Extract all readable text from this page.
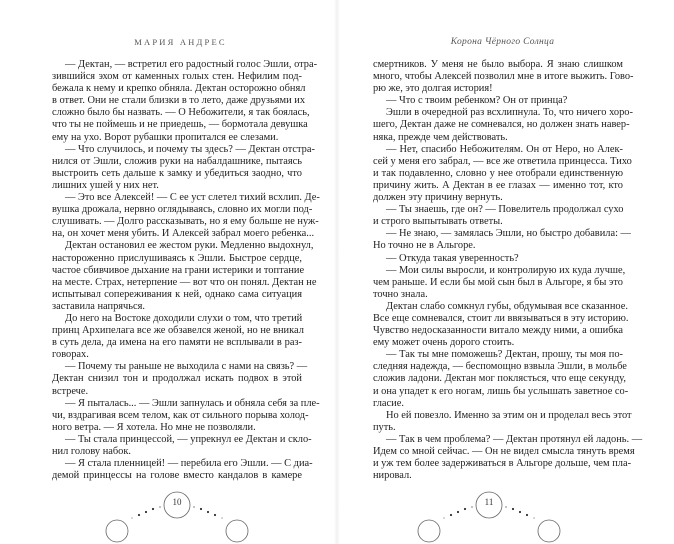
МАРИЯ АНДРЕС
— Дектан, — встретил его радостный голос Эшли, отра-
зившийся эхом от каменных голых стен. Нефилим под-
бежала к нему и крепко обняла. Дектан осторожно обнял
в ответ. Они не стали близки в то лето, даже друзьями их
сложно было бы назвать. — О Небожители, я так боялась,
что ты не поймешь и не приедешь, — бормотала девушка
ему на ухо. Ворот рубашки пропитался ее слезами.
— Что случилось, и почему ты здесь? — Дектан отстра-
нился от Эшли, сложив руки на набалдашнике, пытаясь
выстроить сеть дальше к замку и убедиться заодно, что
лишних ушей у них нет.
— Это все Алексей! — С ее уст слетел тихий всхлип. Де-
вушка дрожала, нервно оглядываясь, словно их могли под-
слушивать. — Долго рассказывать, но я ему больше не нуж-
на, он хочет меня убить. И Алексей забрал моего ребенка...
Дектан остановил ее жестом руки. Медленно выдохнул,
настороженно прислушиваясь к Эшли. Быстрое сердце,
частое сбивчивое дыхание на грани истерики и топтание
на месте. Страх, нетерпение — вот что он понял. Дектан не
испытывал сопереживания к ней, однако сама ситуация
заставила напрячься.
До него на Востоке доходили слухи о том, что третий
принц Архипелага все же обзавелся женой, но не вникал
в суть дела, да имена на его памяти не всплывали в раз-
говорах.
— Почему ты раньше не выходила с нами на связь? —
Дектан снизил тон и продолжал искать подвох в этой
встрече.
— Я пыталась... — Эшли запнулась и обняла себя за пле-
чи, вздрагивая всем телом, как от сильного порыва холод-
ного ветра. — Я хотела. Но мне не позволяли.
— Ты стала принцессой, — упрекнул ее Дектан и скло-
нил голову набок.
— Я стала пленницей! — перебила его Эшли. — С диа-
демой принцессы на голове вместо кандалов в камере
10
Корона Чёрного Солнца
смертников. У меня не было выбора. Я знаю слишком
много, чтобы Алексей позволил мне в итоге выжить. Гово-
рю же, это долгая история!
— Что с твоим ребенком? Он от принца?
Эшли в очередной раз всхлипнула. То, что ничего хоро-
шего, Дектан даже не сомневался, но должен знать навер-
няка, прежде чем действовать.
— Нет, спасибо Небожителям. Он от Неро, но Алек-
сей у меня его забрал, — все же ответила принцесса. Тихо
и так подавленно, словно у нее отобрали единственную
причину жить. А Дектан в ее глазах — именно тот, кто
должен эту причину вернуть.
— Ты знаешь, где он? — Повелитель продолжал сухо
и строго выпытывать ответы.
— Не знаю, — замялась Эшли, но быстро добавила: —
Но точно не в Альгоре.
— Откуда такая уверенность?
— Мои силы выросли, и контролирую их куда лучше,
чем раньше. И если бы мой сын был в Альгоре, я бы это
точно знала.
Дектан слабо сомкнул губы, обдумывая все сказанное.
Все еще сомневался, стоит ли ввязываться в эту историю.
Чувство недосказанности витало между ними, а ошибка
ему может очень дорого стоить.
— Так ты мне поможешь? Дектан, прошу, ты моя по-
следняя надежда, — беспомощно взвыла Эшли, в мольбе
сложив ладони. Дектан мог поклясться, что еще секунду,
и она упадет к его ногам, лишь бы услышать заветное со-
гласие.
Но ей повезло. Именно за этим он и проделал весь этот
путь.
— Так в чем проблема? — Дектан протянул ей ладонь. —
Идем со мной сейчас. — Он не видел смысла тянуть время
и уж тем более задерживаться в Альгоре дольше, чем пла-
нировал.
11
